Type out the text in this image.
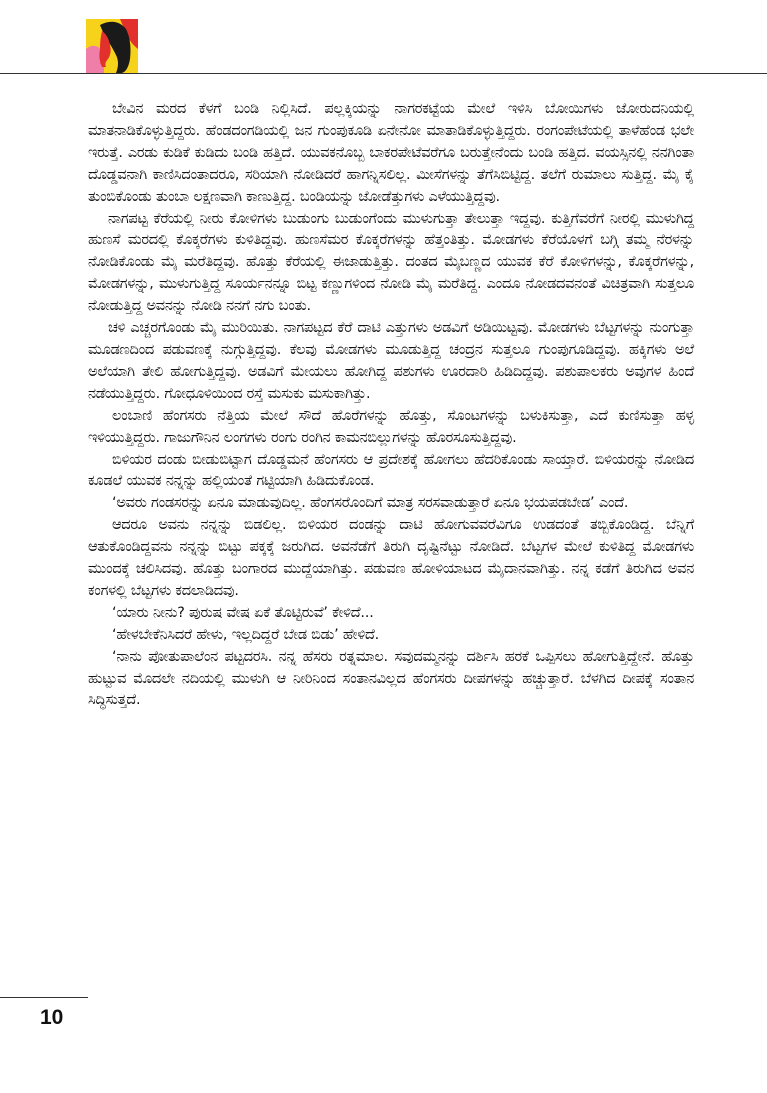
ಬೇವಿನ ಮರದ ಕೆಳಗೆ ಬಂಡಿ ನಿಲ್ಲಿಸಿದೆ. ಪಲ್ಲಕ್ಕಿಯನ್ನು ನಾಗರಕಟ್ಟೆಯ ಮೇಲೆ ಇಳಿಸಿ ಬೋಯಿಗಳು ಜೋರುದನಿಯಲ್ಲಿ ಮಾತನಾಡಿಕೊಳ್ಳುತ್ತಿದ್ದರು. ಹೆಂಡದಂಗಡಿಯಲ್ಲಿ ಜನ ಗುಂಪುಕೂಡಿ ಏನೇನೋ ಮಾತಾಡಿಕೊಳ್ಳುತ್ತಿದ್ದರು. ರಂಗಂಪೇಟೆಯಲ್ಲಿ ತಾಳೆಹೆಂಡ ಭಲೇ ಇರುತ್ತೆ. ಎರಡು ಕುಡಿಕೆ ಕುಡಿದು ಬಂಡಿ ಹತ್ತಿದೆ. ಯುವಕನೊಬ್ಬ ಬಾಕರಪೇಟೆವರೆಗೂ ಬರುತ್ತೇನೆಂದು ಬಂಡಿ ಹತ್ತಿದ. ವಯಸ್ಸಿನಲ್ಲಿ ನನಗಿಂತಾ ದೊಡ್ಡವನಾಗಿ ಕಾಣಿಸಿದಂತಾದರೂ, ಸರಿಯಾಗಿ ನೋಡಿದರೆ ಹಾಗನ್ನಿಸಲಿಲ್ಲ. ಮೀಸೆಗಳನ್ನು ತೆಗೆಸಿಬಿಟ್ಟಿದ್ದ. ತಲೆಗೆ ರುಮಾಲು ಸುತ್ತಿದ್ದ. ಮೈ ಕೈ ತುಂಬಿಕೊಂಡು ತುಂಬಾ ಲಕ್ಷಣವಾಗಿ ಕಾಣುತ್ತಿದ್ದ. ಬಂಡಿಯನ್ನು ಜೋಡೆತ್ತುಗಳು ಎಳೆಯುತ್ತಿದ್ದವು.

ನಾಗಪಟ್ಟ ಕೆರೆಯಲ್ಲಿ ನೀರು ಕೋಳಿಗಳು ಬುಡುಂಗು ಬುಡುಂಗೆಂದು ಮುಳುಗುತ್ತಾ ತೇಲುತ್ತಾ ಇದ್ದವು. ಕುತ್ತಿಗೆವರೆಗೆ ನೀರಲ್ಲಿ ಮುಳುಗಿದ್ದ ಹುಣಸೆ ಮರದಲ್ಲಿ ಕೊಕ್ಕರೆಗಳು ಕುಳಿತಿದ್ದವು. ಹುಣಸೆಮರ ಕೊಕ್ಕರೆಗಳನ್ನು ಹೆತ್ತಂತಿತ್ತು. ಮೋಡಗಳು ಕೆರೆಯೊಳಗೆ ಬಗ್ಗಿ ತಮ್ಮ ನೆರಳನ್ನು ನೋಡಿಕೊಂಡು ಮೈ ಮರೆತಿದ್ದವು. ಹೊತ್ತು ಕೆರೆಯಲ್ಲಿ ಈಜಾಡುತ್ತಿತ್ತು. ದಂತದ ಮೈಬಣ್ಣದ ಯುವಕ ಕೆರೆ ಕೋಳಿಗಳನ್ನು, ಕೊಕ್ಕರೆಗಳನ್ನು, ಮೋಡಗಳನ್ನು, ಮುಳುಗುತ್ತಿದ್ದ ಸೂರ್ಯನನ್ನೂ ಬಿಟ್ಟ ಕಣ್ಣುಗಳಿಂದ ನೋಡಿ ಮೈ ಮರೆತಿದ್ದ. ಎಂದೂ ನೋಡದವನಂತೆ ವಿಚಿತ್ರವಾಗಿ ಸುತ್ತಲೂ ನೋಡುತ್ತಿದ್ದ ಅವನನ್ನು ನೋಡಿ ನನಗೆ ನಗು ಬಂತು.

ಚಳಿ ಎಚ್ಚರಗೊಂಡು ಮೈ ಮುರಿಯಿತು. ನಾಗಪಟ್ಟದ ಕೆರೆ ದಾಟಿ ಎತ್ತುಗಳು ಅಡವಿಗೆ ಅಡಿಯಿಟ್ಟವು. ಮೋಡಗಳು ಬೆಟ್ಟಗಳನ್ನು ನುಂಗುತ್ತಾ ಮೂಡಣದಿಂದ ಪಡುವಣಕ್ಕೆ ನುಗ್ಗುತ್ತಿದ್ದವು. ಕೆಲವು ಮೋಡಗಳು ಮೂಡುತ್ತಿದ್ದ ಚಂದ್ರನ ಸುತ್ತಲೂ ಗುಂಪುಗೂಡಿದ್ದವು. ಹಕ್ಕಿಗಳು ಅಲೆ ಅಲೆಯಾಗಿ ತೇಲಿ ಹೋಗುತ್ತಿದ್ದವು. ಅಡವಿಗೆ ಮೇಯಲು ಹೋಗಿದ್ದ ಪಶುಗಳು ಊರದಾರಿ ಹಿಡಿದಿದ್ದವು. ಪಶುಪಾಲಕರು ಅವುಗಳ ಹಿಂದೆ ನಡೆಯುತ್ತಿದ್ದರು. ಗೋಧೂಳಿಯಿಂದ ರಸ್ತೆ ಮಸುಕು ಮಸುಕಾಗಿತ್ತು.

ಲಂಬಾಣಿ ಹೆಂಗಸರು ನೆತ್ತಿಯ ಮೇಲೆ ಸೌದೆ ಹೊರೆಗಳನ್ನು ಹೊತ್ತು, ಸೊಂಟಗಳನ್ನು ಬಳುಕಿಸುತ್ತಾ, ಎದೆ ಕುಣಿಸುತ್ತಾ ಹಳ್ಳ ಇಳಿಯುತ್ತಿದ್ದರು. ಗಾಜುಗೌನಿನ ಲಂಗಗಳು ರಂಗು ರಂಗಿನ ಕಾಮನಬಿಲ್ಲುಗಳನ್ನು ಹೊರಸೂಸುತ್ತಿದ್ದವು.

ಬಿಳಿಯರ ದಂಡು ಬೀಡುಬಿಟ್ಟಾಗ ದೊಡ್ಡಮನೆ ಹೆಂಗಸರು ಆ ಪ್ರದೇಶಕ್ಕೆ ಹೋಗಲು ಹೆದರಿಕೊಂಡು ಸಾಯ್ತಾರೆ. ಬಿಳಿಯರನ್ನು ನೋಡಿದ ಕೂಡಲೆ ಯುವಕ ನನ್ನನ್ನು ಹಲ್ಲಿಯಂತೆ ಗಟ್ಟಿಯಾಗಿ ಹಿಡಿದುಕೊಂಡ.

‘ಅವರು ಗಂಡಸರನ್ನು ಏನೂ ಮಾಡುವುದಿಲ್ಲ. ಹೆಂಗಸರೊಂದಿಗೆ ಮಾತ್ರ ಸರಸವಾಡುತ್ತಾರೆ ಏನೂ ಭಯಪಡಬೇಡ’ ಎಂದೆ.

ಆದರೂ ಅವನು ನನ್ನನ್ನು ಬಿಡಲಿಲ್ಲ. ಬಿಳಿಯರ ದಂಡನ್ನು ದಾಟಿ ಹೋಗುವವರೆವಿಗೂ ಉಡದಂತೆ ತಬ್ಬಿಕೊಂಡಿದ್ದ. ಬೆನ್ನಿಗೆ ಆತುಕೊಂಡಿದ್ದವನು ನನ್ನನ್ನು ಬಿಟ್ಟು ಪಕ್ಕಕ್ಕೆ ಜರುಗಿದ. ಅವನೆಡೆಗೆ ತಿರುಗಿ ದೃಷ್ಟಿನೆಟ್ಟು ನೋಡಿದೆ. ಬೆಟ್ಟಗಳ ಮೇಲೆ ಕುಳಿತಿದ್ದ ಮೋಡಗಳು ಮುಂದಕ್ಕೆ ಚಲಿಸಿದವು. ಹೊತ್ತು ಬಂಗಾರದ ಮುದ್ದೆಯಾಗಿತ್ತು. ಪಡುವಣ ಹೋಳಿಯಾಟದ ಮೈದಾನವಾಗಿತ್ತು. ನನ್ನ ಕಡೆಗೆ ತಿರುಗಿದ ಅವನ ಕಂಗಳಲ್ಲಿ ಬೆಟ್ಟಗಳು ಕದಲಾಡಿದವು.

‘ಯಾರು ನೀನು? ಪುರುಷ ವೇಷ ಏಕೆ ತೊಟ್ಟಿರುವೆ’ ಕೇಳಿದೆ...

‘ಹೇಳಬೇಕೆನಿಸಿದರೆ ಹೇಳು, ಇಲ್ಲದಿದ್ದರೆ ಬೇಡ ಬಿಡು’ ಹೇಳಿದೆ.

‘ನಾನು ಪೋತುಪಾಲೆಂನ ಪಟ್ಟದರಸಿ. ನನ್ನ ಹೆಸರು ರತ್ನಮಾಲ. ಸವುದಮ್ಮನನ್ನು ದರ್ಶಿಸಿ ಹರಕೆ ಒಪ್ಪಿಸಲು ಹೋಗುತ್ತಿದ್ದೇನೆ. ಹೊತ್ತು ಹುಟ್ಟುವ ಮೊದಲೇ ನದಿಯಲ್ಲಿ ಮುಳುಗಿ ಆ ನೀರಿನಿಂದ ಸಂತಾನವಿಲ್ಲದ ಹೆಂಗಸರು ದೀಪಗಳನ್ನು ಹಚ್ಚುತ್ತಾರೆ. ಬೆಳಗಿದ ದೀಪಕ್ಕೆ ಸಂತಾನ ಸಿದ್ಧಿಸುತ್ತದೆ.

10
